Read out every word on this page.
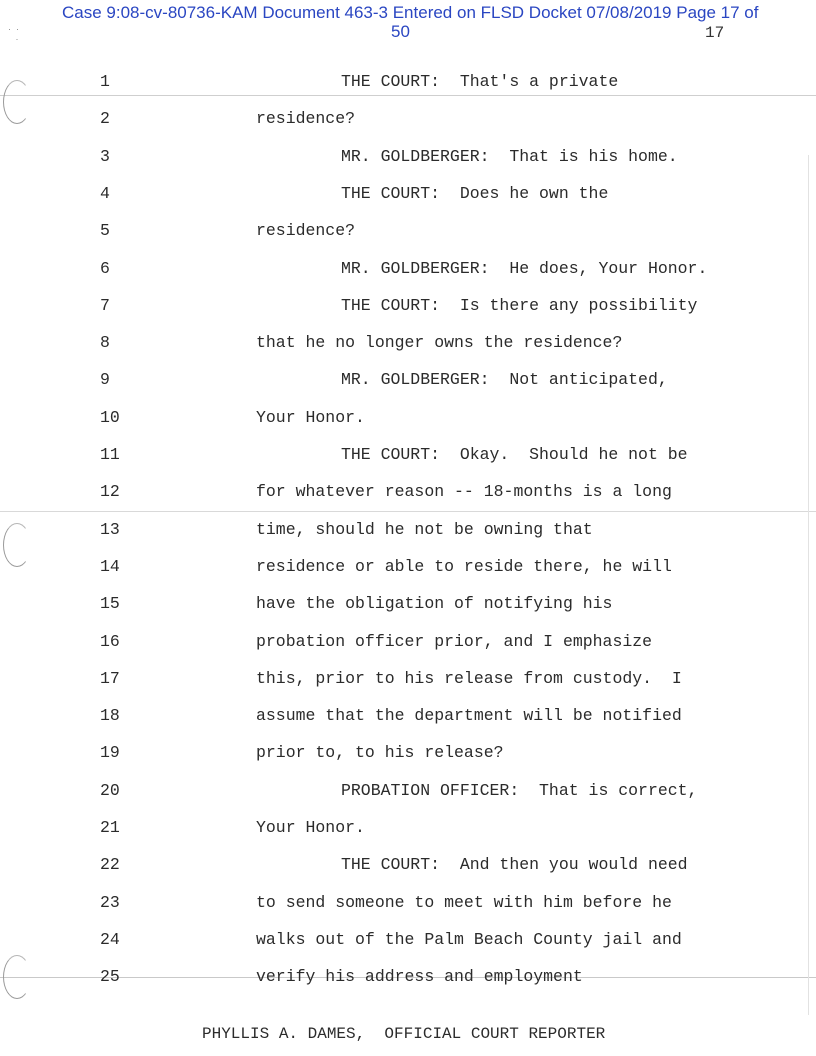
·  ·
·
Case 9:08-cv-80736-KAM Document 463-3 Entered on FLSD Docket 07/08/2019 Page 17 of
50	17
1	THE COURT:  That's a private
2	residence?
3	MR. GOLDBERGER:  That is his home.
4	THE COURT:  Does he own the
5	residence?
6	MR. GOLDBERGER:  He does, Your Honor.
7	THE COURT:  Is there any possibility
8	that he no longer owns the residence?
9	MR. GOLDBERGER:  Not anticipated,
10	Your Honor.
11	THE COURT:  Okay.  Should he not be
12	for whatever reason -- 18-months is a long
13	time, should he not be owning that
14	residence or able to reside there, he will
15	have the obligation of notifying his
16	probation officer prior, and I emphasize
17	this, prior to his release from custody.  I
18	assume that the department will be notified
19	prior to, to his release?
20	PROBATION OFFICER:  That is correct,
21	Your Honor.
22	THE COURT:  And then you would need
23	to send someone to meet with him before he
24	walks out of the Palm Beach County jail and
25	verify his address and employment
PHYLLIS A. DAMES,  OFFICIAL COURT REPORTER
